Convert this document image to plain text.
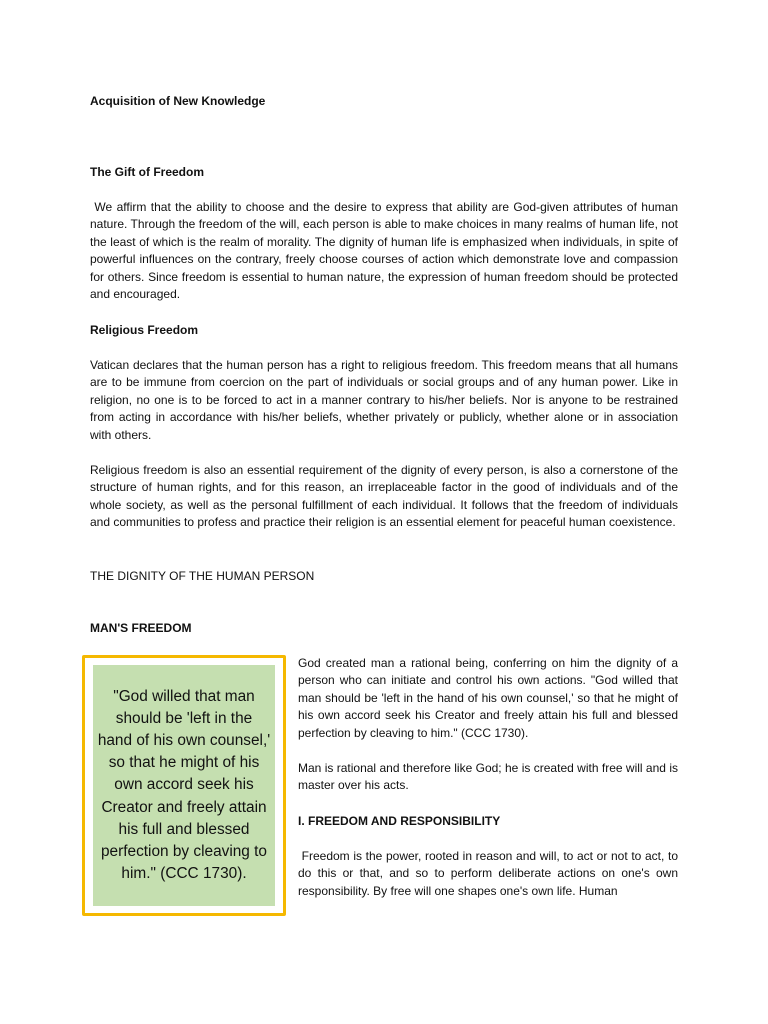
Acquisition of New Knowledge

The Gift of Freedom

We affirm that the ability to choose and the desire to express that ability are God-given attributes of human nature. Through the freedom of the will, each person is able to make choices in many realms of human life, not the least of which is the realm of morality. The dignity of human life is emphasized when individuals, in spite of powerful influences on the contrary, freely choose courses of action which demonstrate love and compassion for others. Since freedom is essential to human nature, the expression of human freedom should be protected and encouraged.

Religious Freedom

Vatican declares that the human person has a right to religious freedom. This freedom means that all humans are to be immune from coercion on the part of individuals or social groups and of any human power. Like in religion, no one is to be forced to act in a manner contrary to his/her beliefs. Nor is anyone to be restrained from acting in accordance with his/her beliefs, whether privately or publicly, whether alone or in association with others.

Religious freedom is also an essential requirement of the dignity of every person, is also a cornerstone of the structure of human rights, and for this reason, an irreplaceable factor in the good of individuals and of the whole society, as well as the personal fulfillment of each individual. It follows that the freedom of individuals and communities to profess and practice their religion is an essential element for peaceful human coexistence.

THE DIGNITY OF THE HUMAN PERSON

MAN'S FREEDOM

"God willed that man should be 'left in the hand of his own counsel,' so that he might of his own accord seek his Creator and freely attain his full and blessed perfection by cleaving to him." (CCC 1730).

God created man a rational being, conferring on him the dignity of a person who can initiate and control his own actions. "God willed that man should be 'left in the hand of his own counsel,' so that he might of his own accord seek his Creator and freely attain his full and blessed perfection by cleaving to him." (CCC 1730).

Man is rational and therefore like God; he is created with free will and is master over his acts.

I. FREEDOM AND RESPONSIBILITY

Freedom is the power, rooted in reason and will, to act or not to act, to do this or that, and so to perform deliberate actions on one's own responsibility. By free will one shapes one's own life. Human
